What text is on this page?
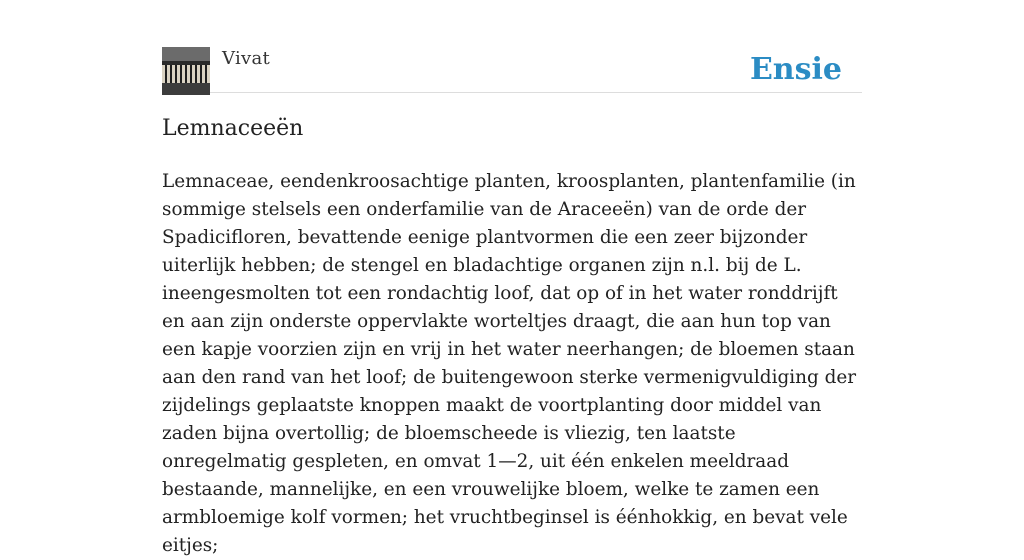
Vivat	Ensie
Lemnaceeën

Lemnaceae, eendenkroosachtige planten, kroosplanten, plantenfamilie (in sommige stelsels een onderfamilie van de Araceeën) van de orde der Spadicifloren, bevattende eenige plantvormen die een zeer bijzonder uiterlijk hebben; de stengel en bladachtige organen zijn n.l. bij de L. ineengesmolten tot een rondachtig loof, dat op of in het water ronddrijft en aan zijn onderste oppervlakte worteltjes draagt, die aan hun top van een kapje voorzien zijn en vrij in het water neerhangen; de bloemen staan aan den rand van het loof; de buitengewoon sterke vermenigvuldiging der zijdelings geplaatste knoppen maakt de voortplanting door middel van zaden bijna overtollig; de bloemscheede is vliezig, ten laatste onregelmatig gespleten, en omvat 1—2, uit één enkelen meeldraad bestaande, mannelijke, en een vrouwelijke bloem, welke te zamen een armbloemige kolf vormen; het vruchtbeginsel is éénhokkig, en bevat vele eitjes;
